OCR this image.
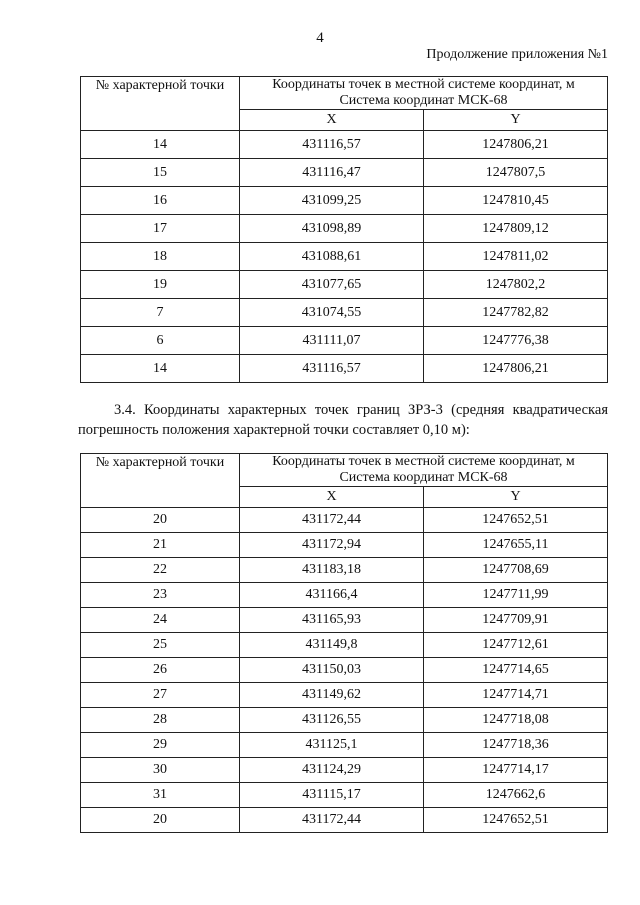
4
Продолжение приложения №1
№ характерной точки	Координаты точек в местной системе координат, м
Система координат МСК-68	

	X	Y
14	431116,57	1247806,21
15	431116,47	1247807,5
16	431099,25	1247810,45
17	431098,89	1247809,12
18	431088,61	1247811,02
19	431077,65	1247802,2
7	431074,55	1247782,82
6	431111,07	1247776,38
14	431116,57	1247806,21
3.4. Координаты характерных точек границ ЗРЗ-3 (средняя квадратическая погрешность положения характерной точки составляет 0,10 м):
№ характерной точки	Координаты точек в местной системе координат, м
Система координат МСК-68	

	X	Y
20	431172,44	1247652,51
21	431172,94	1247655,11
22	431183,18	1247708,69
23	431166,4	1247711,99
24	431165,93	1247709,91
25	431149,8	1247712,61
26	431150,03	1247714,65
27	431149,62	1247714,71
28	431126,55	1247718,08
29	431125,1	1247718,36
30	431124,29	1247714,17
31	431115,17	1247662,6
20	431172,44	1247652,51
